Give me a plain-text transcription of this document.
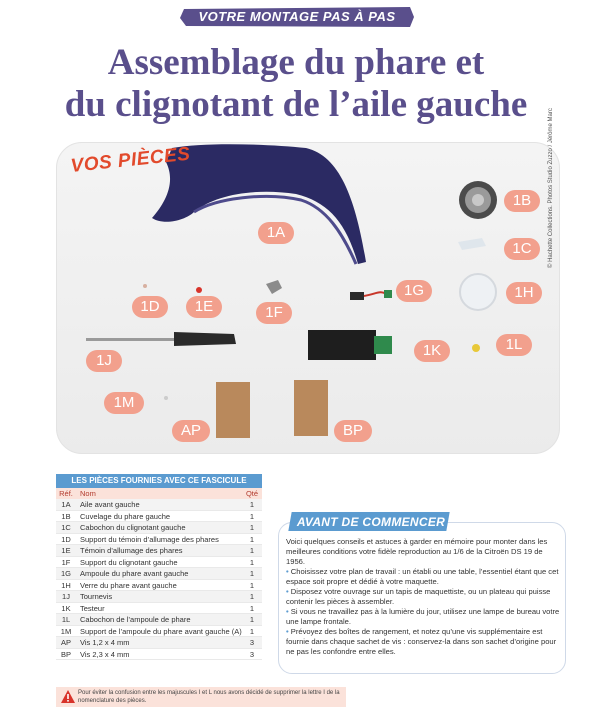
VOTRE MONTAGE PAS À PAS
Assemblage du phare et
du clignotant de l’aile gauche
VOS PIÈCES
1A
1B
1C
1D	1E	1F
1G	1H
1J
1K	1L
1M
AP	BP
© Hachette Collections. Photos Studio Zuzzo / Jérôme Marc
LES PIÈCES FOURNIES AVEC CE FASCICULE
Réf. Nom	Qté
1A	Aile avant gauche	1
1B	Cuvelage du phare gauche	1
1C	Cabochon du clignotant gauche	1
1D	Support du témoin d’allumage des phares	1
1E	Témoin d’allumage des phares	1
1F	Support du clignotant gauche	1
1G	Ampoule du phare avant gauche	1
1H	Verre du phare avant gauche	1
1J	Tournevis	1
1K	Testeur	1
1L	Cabochon de l’ampoule de phare	1
1M	Support de l’ampoule du phare avant gauche (A)	1
AP	Vis 1,2 x 4 mm	3
BP	Vis 2,3 x 4 mm	3
Pour éviter la confusion entre les majuscules I et L nous avons décidé de supprimer la lettre I de la nomenclature des pièces.
AVANT DE COMMENCER

Voici quelques conseils et astuces à garder en mémoire pour monter dans les meilleures conditions votre fidèle reproduction au 1/6 de la Citroën DS 19 de 1956.

• Choisissez votre plan de travail : un établi ou une table, l’essentiel étant que cet espace soit propre et dédié à votre maquette.

• Disposez votre ouvrage sur un tapis de maquettiste, ou un plateau qui puisse contenir les pièces à assembler.

• Si vous ne travaillez pas à la lumière du jour, utilisez une lampe de bureau votre une lampe frontale.

• Prévoyez des boîtes de rangement, et notez qu’une vis supplémentaire est fournie dans chaque sachet de vis : conservez-la dans son sachet d’origine pour ne pas les confondre entre elles.
